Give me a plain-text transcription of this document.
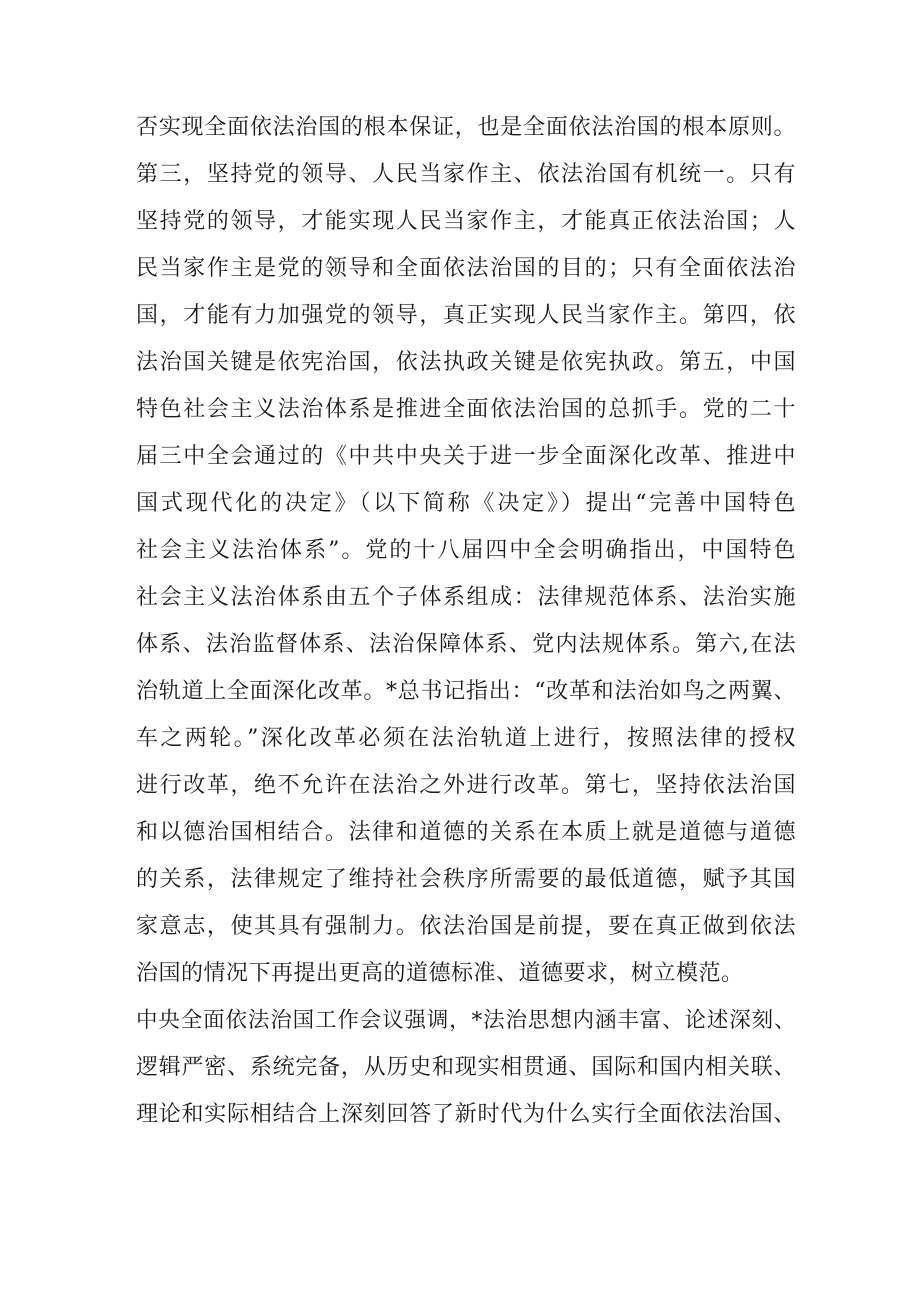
否实现全面依法治国的根本保证，也是全面依法治国的根本原则。
第三，坚持党的领导、人民当家作主、依法治国有机统一。只有
坚持党的领导，才能实现人民当家作主，才能真正依法治国；人
民当家作主是党的领导和全面依法治国的目的；只有全面依法治
国，才能有力加强党的领导，真正实现人民当家作主。第四，依
法治国关键是依宪治国，依法执政关键是依宪执政。第五，中国
特色社会主义法治体系是推进全面依法治国的总抓手。党的二十
届三中全会通过的《中共中央关于进一步全面深化改革、推进中
国式现代化的决定》（以下简称《决定》）提出“完善中国特色
社会主义法治体系”。党的十八届四中全会明确指出，中国特色
社会主义法治体系由五个子体系组成：法律规范体系、法治实施
体系、法治监督体系、法治保障体系、党内法规体系。第六,在法
治轨道上全面深化改革。*总书记指出：“改革和法治如鸟之两翼、
车之两轮。”深化改革必须在法治轨道上进行，按照法律的授权
进行改革，绝不允许在法治之外进行改革。第七，坚持依法治国
和以德治国相结合。法律和道德的关系在本质上就是道德与道德
的关系，法律规定了维持社会秩序所需要的最低道德，赋予其国
家意志，使其具有强制力。依法治国是前提，要在真正做到依法
治国的情况下再提出更高的道德标准、道德要求，树立模范。
中央全面依法治国工作会议强调，*法治思想内涵丰富、论述深刻、
逻辑严密、系统完备，从历史和现实相贯通、国际和国内相关联、
理论和实际相结合上深刻回答了新时代为什么实行全面依法治国、
